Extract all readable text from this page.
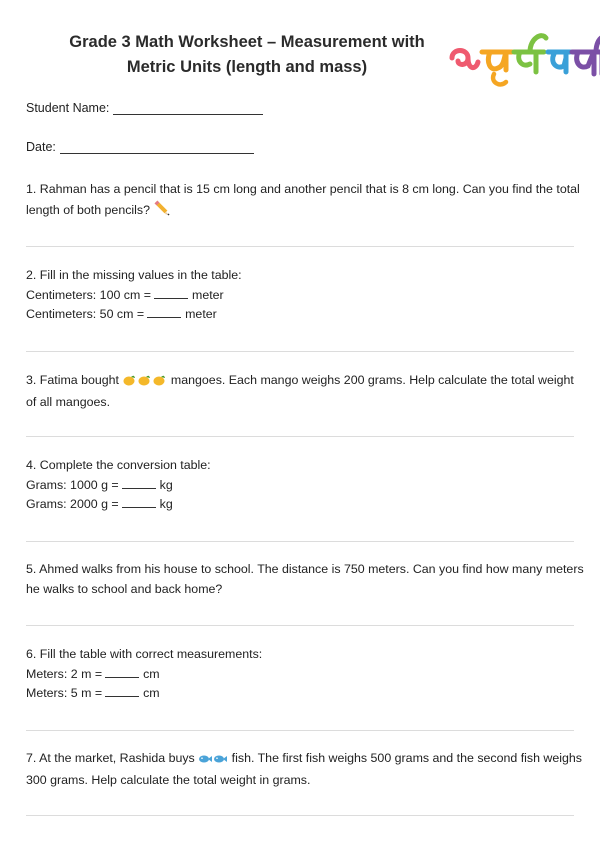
Grade 3 Math Worksheet – Measurement with
Metric Units (length and mass)
Student Name:
Date:
1. Rahman has a pencil that is 15 cm long and another pencil that is 8 cm long. Can you find the total
length of both pencils?
2. Fill in the missing values in the table:
Centimeters: 100 cm =	meter
Centimeters: 50 cm =	meter
3. Fatima bought	mangoes. Each mango weighs 200 grams. Help calculate the total weight
of all mangoes.
4. Complete the conversion table:
Grams: 1000 g =	kg
Grams: 2000 g =	kg
5. Ahmed walks from his house to school. The distance is 750 meters. Can you find how many meters
he walks to school and back home?
6. Fill the table with correct measurements:
Meters: 2 m =	cm
Meters: 5 m =	cm
7. At the market, Rashida buys	fish. The first fish weighs 500 grams and the second fish weighs
300 grams. Help calculate the total weight in grams.
